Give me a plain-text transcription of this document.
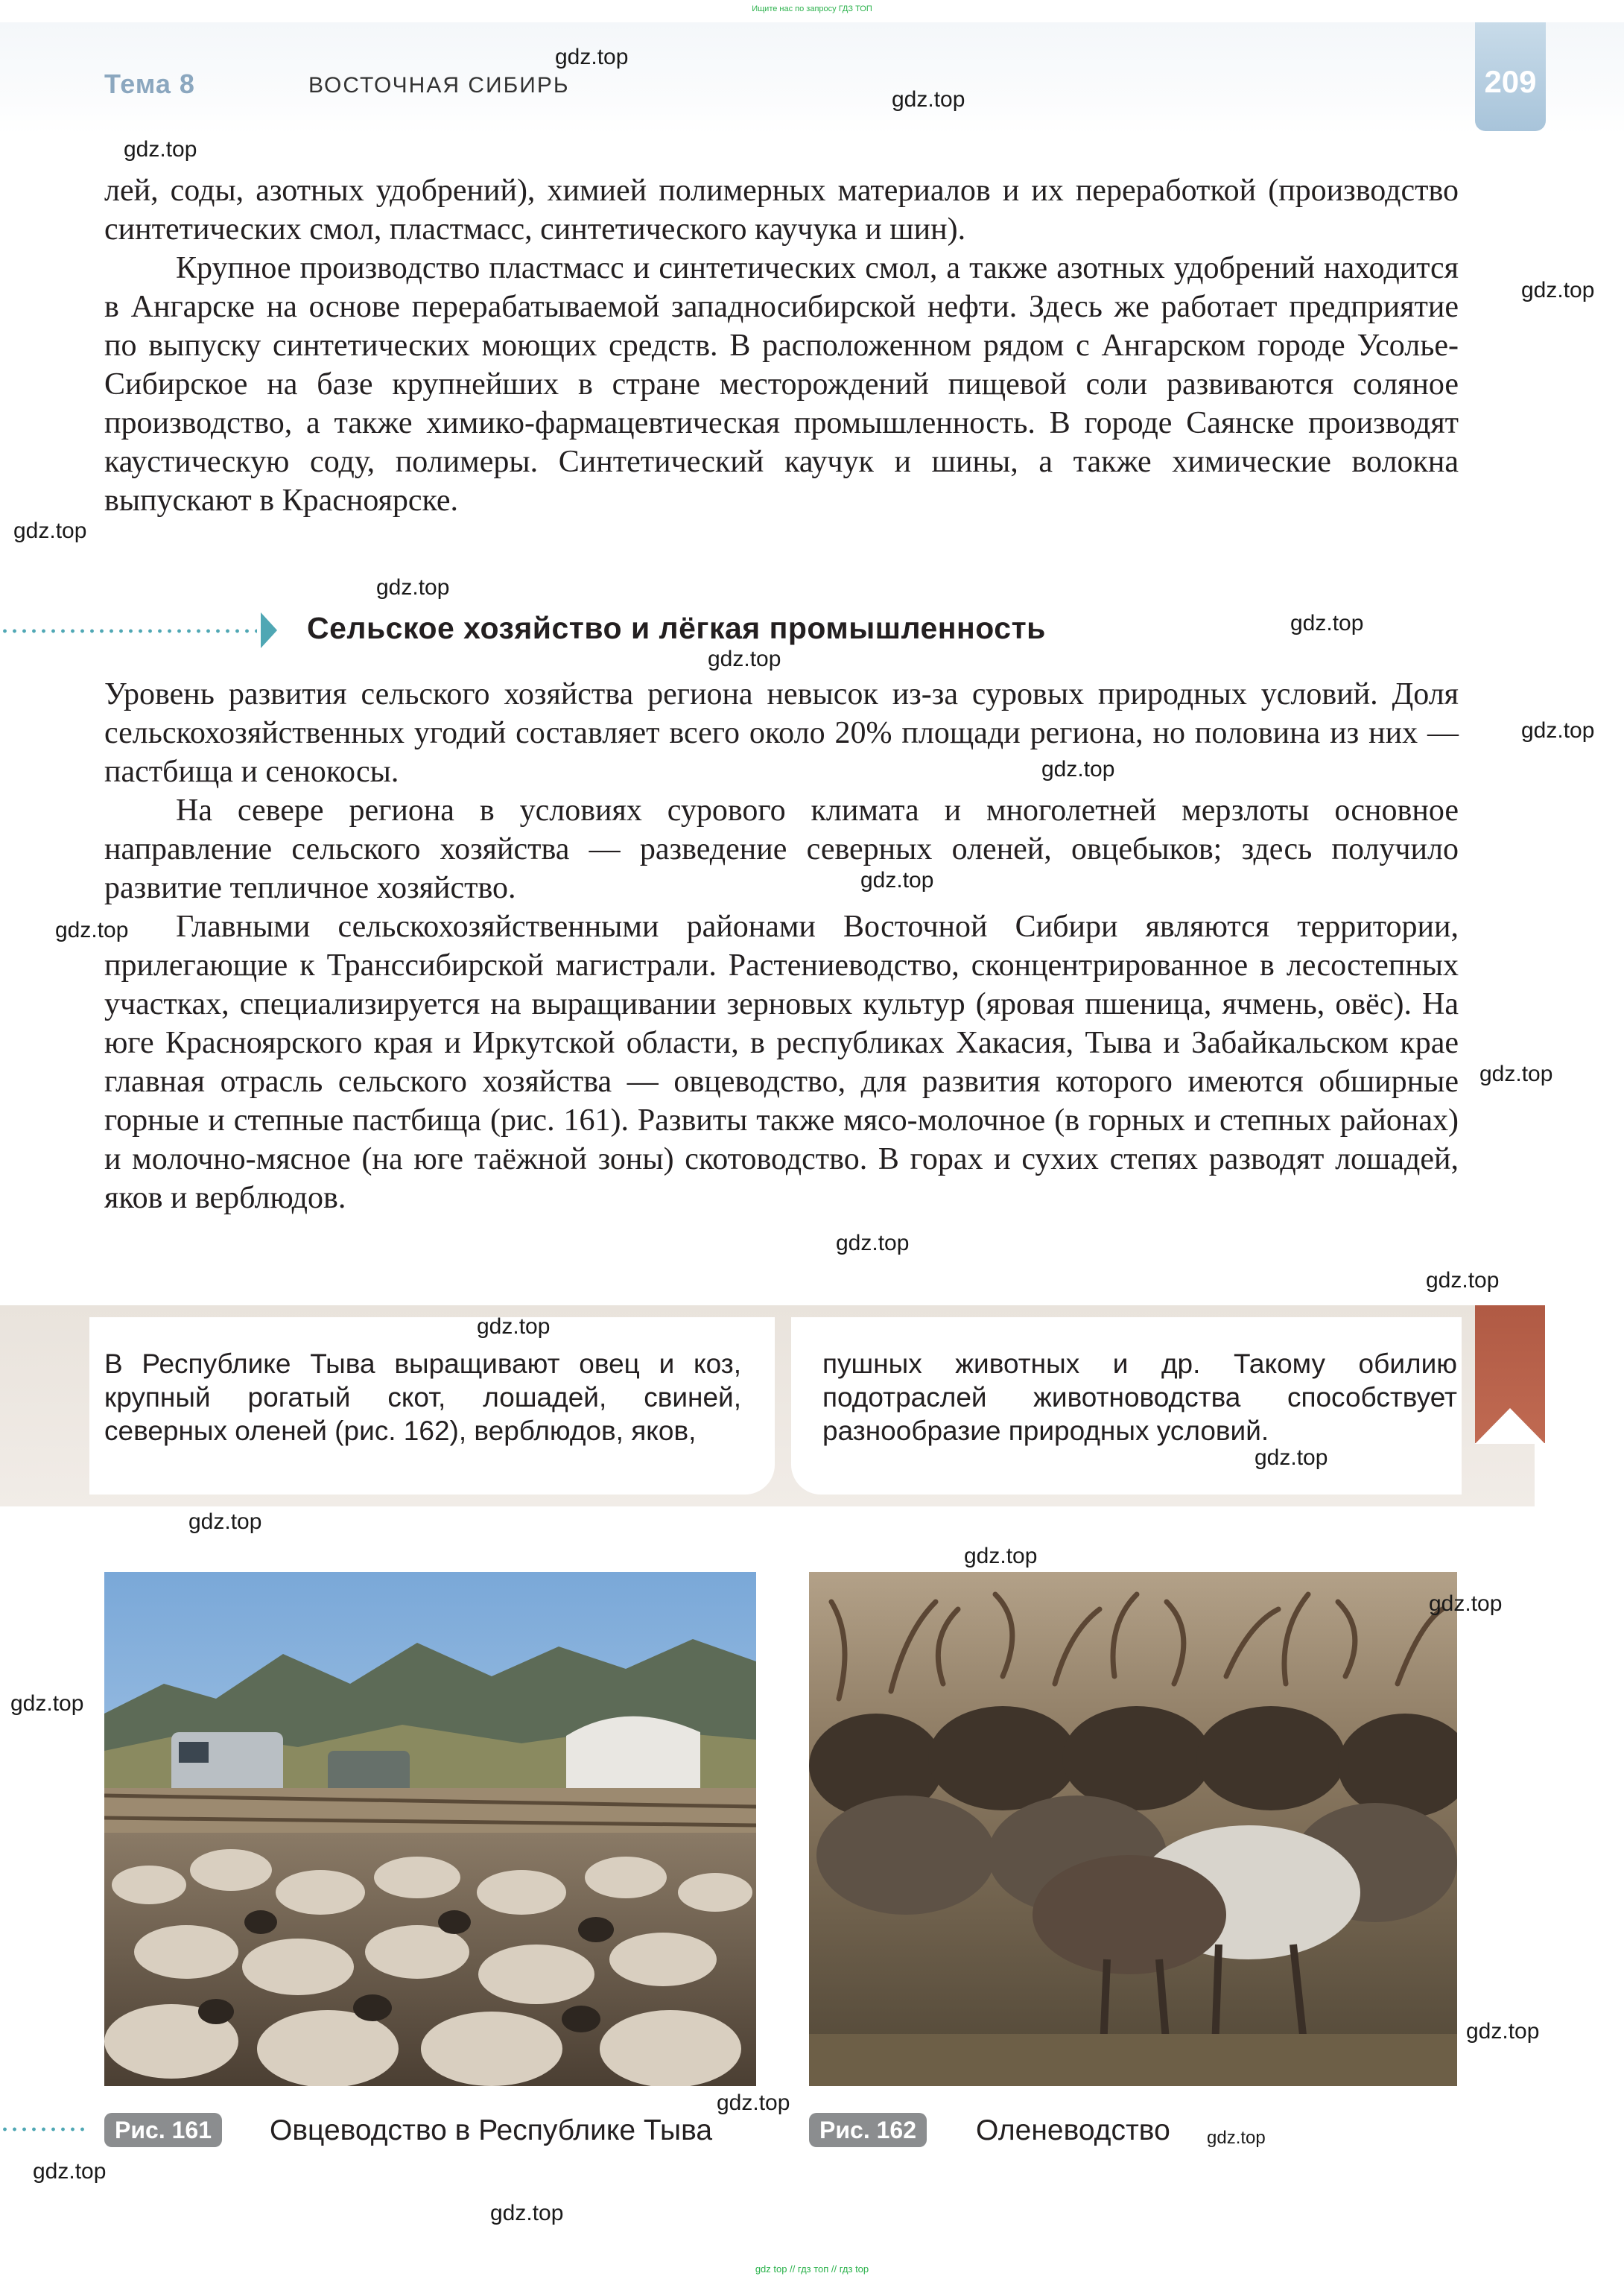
Ищите нас по запросу ГДЗ ТОП
Тема 8	ВОСТОЧНАЯ СИБИРЬ	209

лей, соды, азотных удобрений), химией полимерных материалов и их переработкой (производство синтетических смол, пластмасс, синтетического каучука и шин).

Крупное производство пластмасс и синтетических смол, а также азотных удобрений находится в Ангарске на основе перерабатываемой западносибирской нефти. Здесь же работает предприятие по выпуску синтетических моющих средств. В расположенном рядом с Ангарском городе Усолье-Сибирское на базе крупнейших в стране месторождений пищевой соли развиваются соляное производство, а также химико-фармацевтическая промышленность. В городе Саянске производят каустическую соду, полимеры. Синтетический каучук и шины, а также химические волокна выпускают в Красноярске.

Сельское хозяйство и лёгкая промышленность

Уровень развития сельского хозяйства региона невысок из-за суровых природных условий. Доля сельскохозяйственных угодий составляет всего около 20% площади региона, но половина из них — пастбища и сенокосы.

На севере региона в условиях сурового климата и многолетней мерзлоты основное направление сельского хозяйства — разведение северных оленей, овцебыков; здесь получило развитие тепличное хозяйство.

Главными сельскохозяйственными районами Восточной Сибири являются территории, прилегающие к Транссибирской магистрали. Растениеводство, сконцентрированное в лесостепных участках, специализируется на выращивании зерновых культур (яровая пшеница, ячмень, овёс). На юге Красноярского края и Иркутской области, в республиках Хакасия, Тыва и Забайкальском крае главная отрасль сельского хозяйства — овцеводство, для развития которого имеются обширные горные и степные пастбища (рис. 161). Развиты также мясо-молочное (в горных и степных районах) и молочно-мясное (на юге таёжной зоны) скотоводство. В горах и сухих степях разводят лошадей, яков и верблюдов.

В Республике Тыва выращивают овец и коз, крупный рогатый скот, лошадей, свиней, северных оленей (рис. 162), верблюдов, яков,

пушных животных и др. Такому обилию подотраслей животноводства способствует разнообразие природных условий.

Рис. 161	Овцеводство в Республике Тыва	Рис. 162	Оленеводство
gdz.top
gdz.top
gdz.top
gdz.top
gdz.top
gdz.top
gdz.top
gdz.top
gdz.top
gdz.top
gdz.top
gdz.top
gdz.top
gdz.top
gdz.top
gdz.top
gdz.top
gdz.top
gdz.top
gdz.top
gdz.top
gdz.top
gdz.top
gdz.top
gdz.top
gdz.top
gdz top // гдз топ // гдз top
